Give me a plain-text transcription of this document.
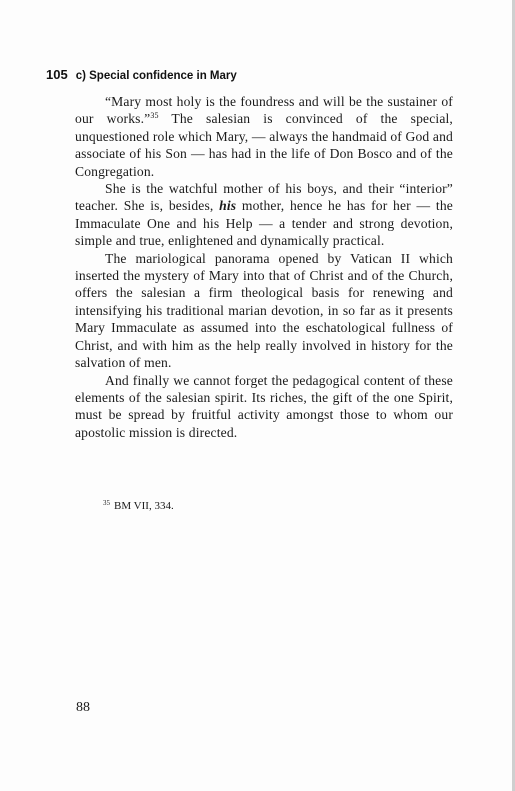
105 c) Special confidence in Mary

“Mary most holy is the foundress and will be the sustainer of our works.”$^{35}$ The salesian is convinced of the special, unquestioned role which Mary, — always the handmaid of God and associate of his Son — has had in the life of Don Bosco and of the Congregation.

She is the watchful mother of his boys, and their “interior” teacher. She is, besides, his mother, hence he has for her — the Immaculate One and his Help — a tender and strong devotion, simple and true, enlightened and dynamically practical.

The mariological panorama opened by Vatican II which inserted the mystery of Mary into that of Christ and of the Church, offers the salesian a firm theological basis for renewing and intensifying his traditional marian devotion, in so far as it presents Mary Immaculate as assumed into the eschatological fullness of Christ, and with him as the help really involved in history for the salvation of men.

And finally we cannot forget the pedagogical content of these elements of the salesian spirit. Its riches, the gift of the one Spirit, must be spread by fruitful activity amongst those to whom our apostolic mission is directed.

$^{35}$ BM VII, 334.
88
